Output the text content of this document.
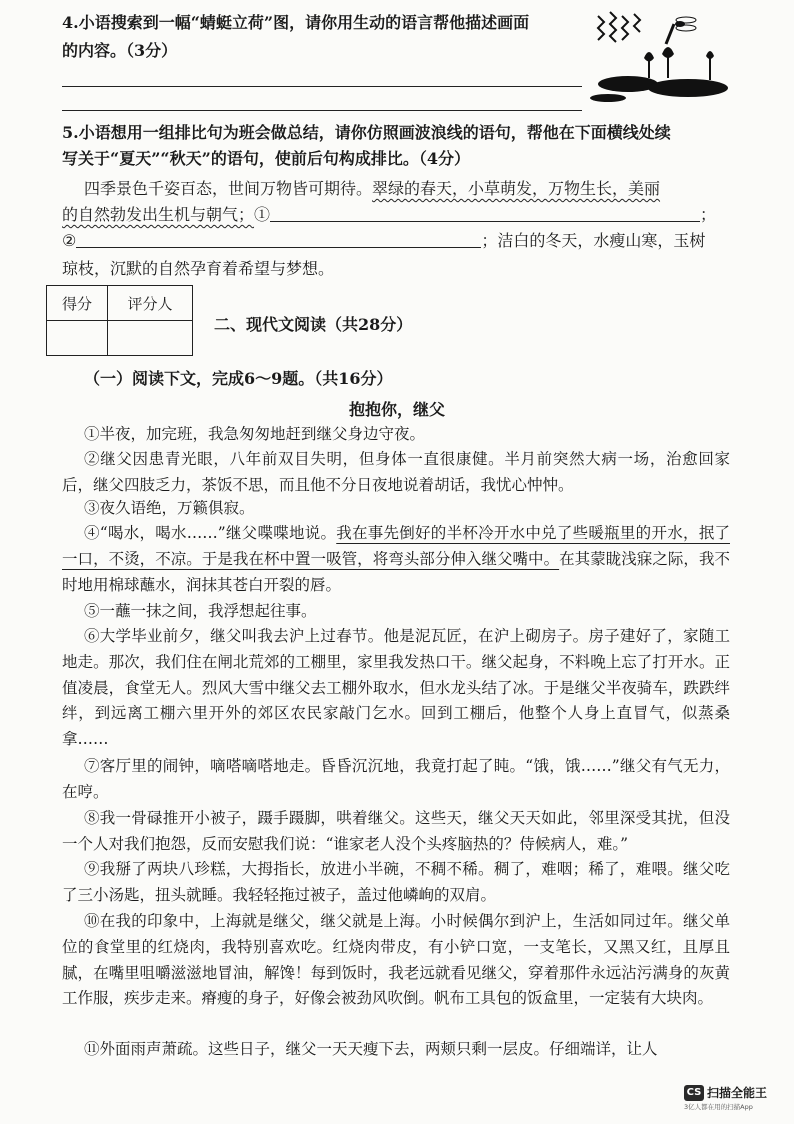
4.小语搜索到一幅“蜻蜓立荷”图，请你用生动的语言帮他描述画面
的内容。（3分）
5.小语想用一组排比句为班会做总结，请你仿照画波浪线的语句，帮他在下面横线处续
写关于“夏天”“秋天”的语句，使前后句构成排比。（4分）
四季景色千姿百态，世间万物皆可期待。翠绿的春天，小草萌发，万物生长，美丽
的自然勃发出生机与朝气；①	；
②	；洁白的冬天，水瘦山寒，玉树
琼枝，沉默的自然孕育着希望与梦想。
得分	评分人

二、现代文阅读（共28分）
（一）阅读下文，完成6～9题。（共16分）
抱抱你，继父
①半夜，加完班，我急匆匆地赶到继父身边守夜。
②继父因患青光眼，八年前双目失明，但身体一直很康健。半月前突然大病一场，治愈回家后，继父四肢乏力，茶饭不思，而且他不分日夜地说着胡话，我忧心忡忡。
③夜久语绝，万籁俱寂。
④“喝水，喝水……”继父喋喋地说。我在事先倒好的半杯冷开水中兑了些暖瓶里的开水，抿了一口，不烫，不凉。于是我在杯中置一吸管，将弯头部分伸入继父嘴中。在其蒙眬浅寐之际，我不时地用棉球蘸水，润抹其苍白开裂的唇。
⑤一蘸一抹之间，我浮想起往事。
⑥大学毕业前夕，继父叫我去沪上过春节。他是泥瓦匠，在沪上砌房子。房子建好了，家随工地走。那次，我们住在闸北荒郊的工棚里，家里我发热口干。继父起身，不料晚上忘了打开水。正值凌晨，食堂无人。烈风大雪中继父去工棚外取水，但水龙头结了冰。于是继父半夜骑车，跌跌绊绊，到远离工棚六里开外的郊区农民家敲门乞水。回到工棚后，他整个人身上直冒气，似蒸桑拿……
⑦客厅里的闹钟，嘀嗒嘀嗒地走。昏昏沉沉地，我竟打起了盹。“饿，饿……”继父有气无力，在哼。
⑧我一骨碌推开小被子，蹑手蹑脚，哄着继父。这些天，继父天天如此，邻里深受其扰，但没一个人对我们抱怨，反而安慰我们说：“谁家老人没个头疼脑热的？侍候病人，难。”
⑨我掰了两块八珍糕，大拇指长，放进小半碗，不稠不稀。稠了，难咽；稀了，难喂。继父吃了三小汤匙，扭头就睡。我轻轻拖过被子，盖过他嶙峋的双肩。
⑩在我的印象中，上海就是继父，继父就是上海。小时候偶尔到沪上，生活如同过年。继父单位的食堂里的红烧肉，我特别喜欢吃。红烧肉带皮，有小铲口宽，一支笔长，又黑又红，且厚且腻，在嘴里咀嚼滋滋地冒油，解馋！每到饭时，我老远就看见继父，穿着那件永远沾污满身的灰黄工作服，疾步走来。瘠瘦的身子，好像会被劲风吹倒。帆布工具包的饭盒里，一定装有大块肉。
⑪外面雨声萧疏。这些日子，继父一天天瘦下去，两颊只剩一层皮。仔细端详，让人
CS 扫描全能王
3亿人都在用的扫描App
